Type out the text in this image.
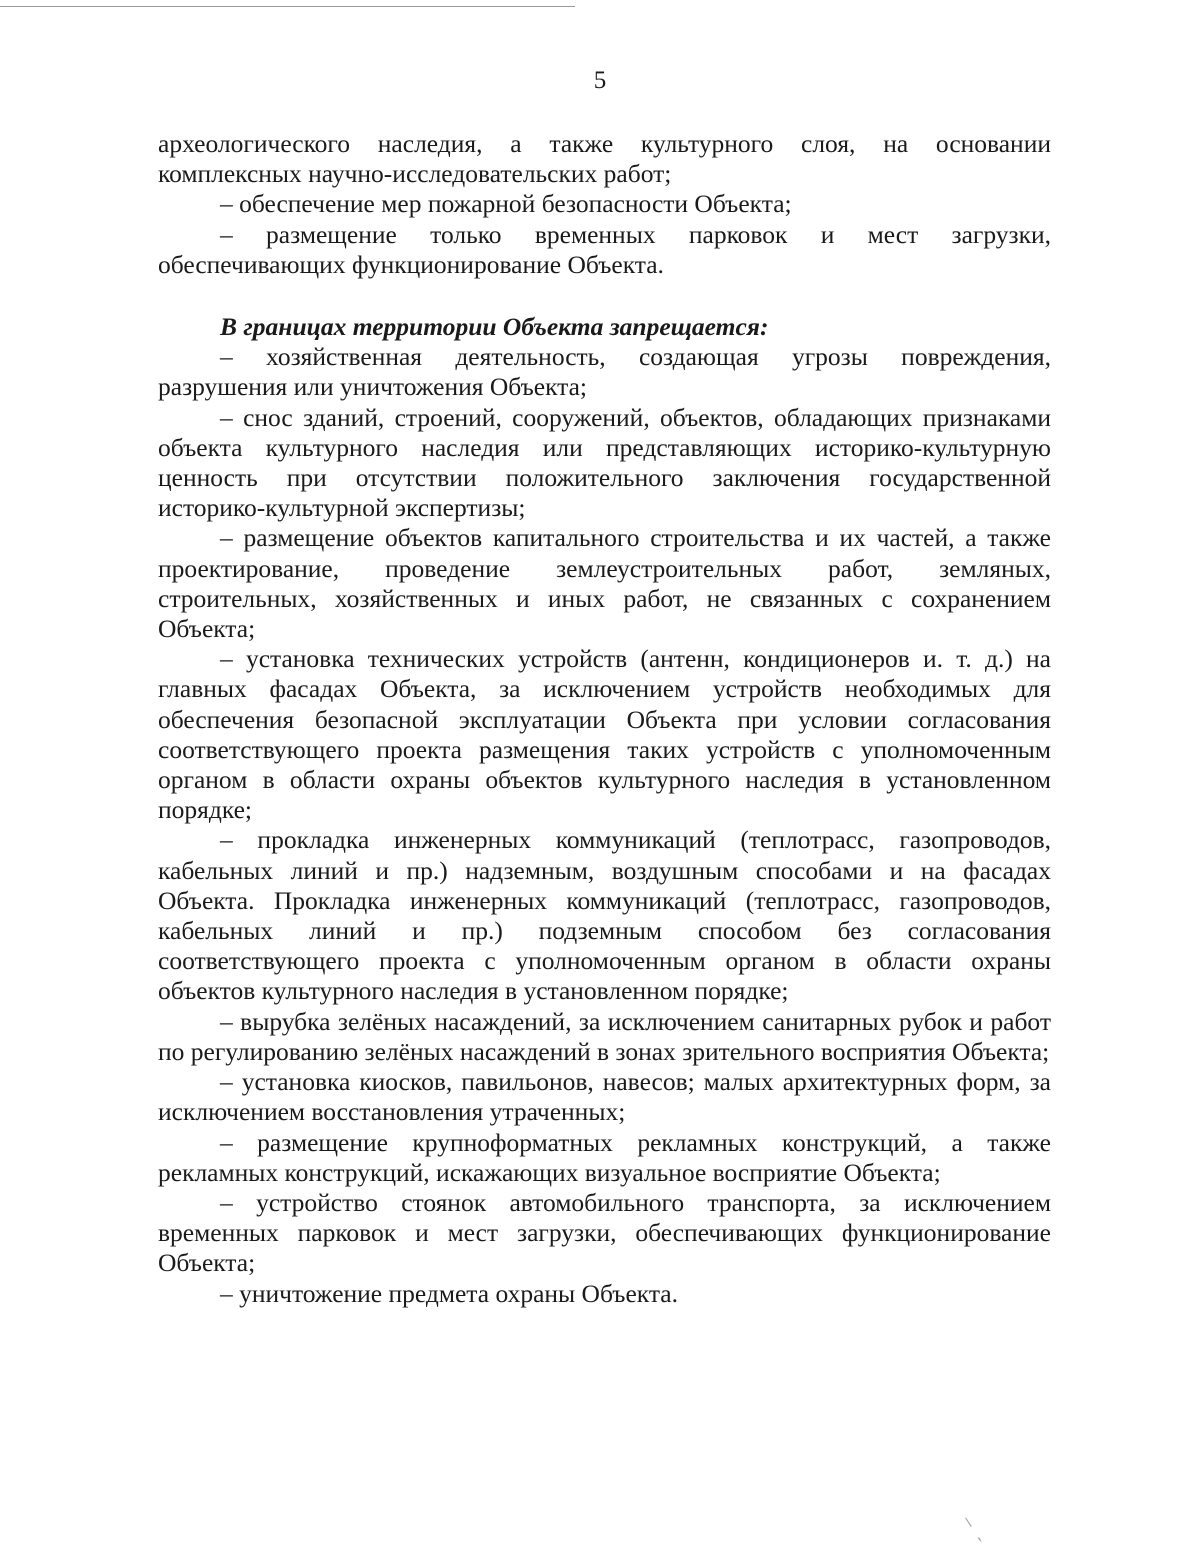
5

археологического наследия, а также культурного слоя, на основании комплексных научно-исследовательских работ;

– обеспечение мер пожарной безопасности Объекта;

– размещение только временных парковок и мест загрузки, обеспечивающих функционирование Объекта.

В границах территории Объекта запрещается:

– хозяйственная деятельность, создающая угрозы повреждения, разрушения или уничтожения Объекта;

– снос зданий, строений, сооружений, объектов, обладающих признаками объекта культурного наследия или представляющих историко-культурную ценность при отсутствии положительного заключения государственной историко-культурной экспертизы;

– размещение объектов капитального строительства и их частей, а также проектирование, проведение землеустроительных работ, земляных, строительных, хозяйственных и иных работ, не связанных с сохранением Объекта;

– установка технических устройств (антенн, кондиционеров и. т. д.) на главных фасадах Объекта, за исключением устройств необходимых для обеспечения безопасной эксплуатации Объекта при условии согласования соответствующего проекта размещения таких устройств с уполномоченным органом в области охраны объектов культурного наследия в установленном порядке;

– прокладка инженерных коммуникаций (теплотрасс, газопроводов, кабельных линий и пр.) надземным, воздушным способами и на фасадах Объекта. Прокладка инженерных коммуникаций (теплотрасс, газопроводов, кабельных линий и пр.) подземным способом без согласования соответствующего проекта с уполномоченным органом в области охраны объектов культурного наследия в установленном порядке;

– вырубка зелёных насаждений, за исключением санитарных рубок и работ по регулированию зелёных насаждений в зонах зрительного восприятия Объекта;

– установка киосков, павильонов, навесов; малых архитектурных форм, за исключением восстановления утраченных;

– размещение крупноформатных рекламных конструкций, а также рекламных конструкций, искажающих визуальное восприятие Объекта;

– устройство стоянок автомобильного транспорта, за исключением временных парковок и мест загрузки, обеспечивающих функционирование Объекта;

– уничтожение предмета охраны Объекта.

⸌ ˎ
